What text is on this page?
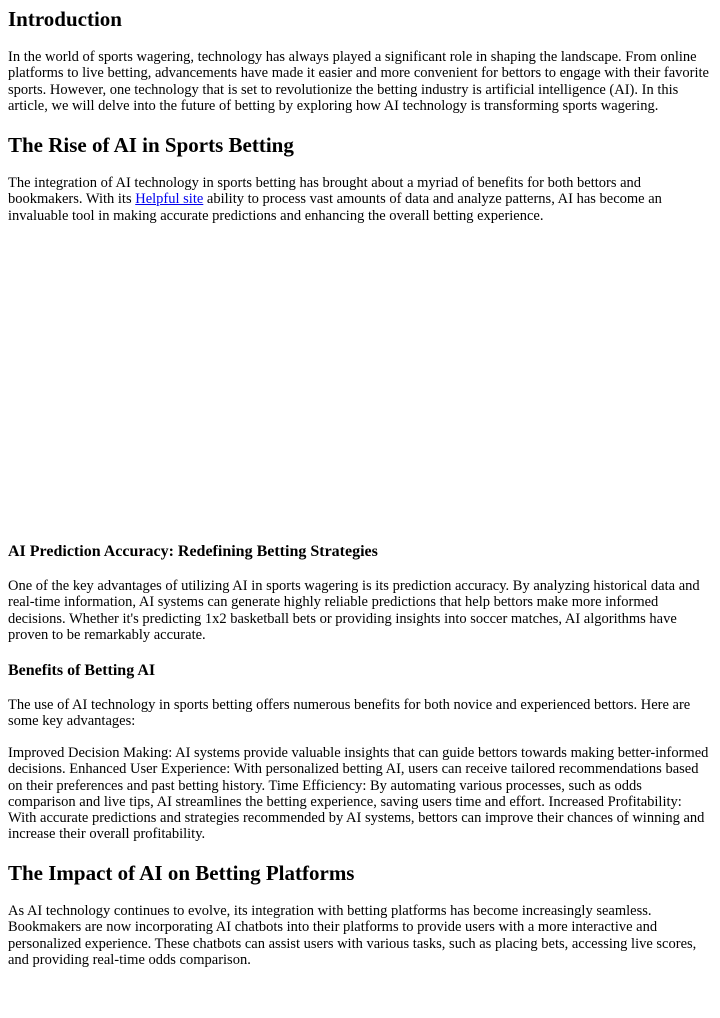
Introduction

In the world of sports wagering, technology has always played a significant role in shaping the landscape. From online platforms to live betting, advancements have made it easier and more convenient for bettors to engage with their favorite sports. However, one technology that is set to revolutionize the betting industry is artificial intelligence (AI). In this article, we will delve into the future of betting by exploring how AI technology is transforming sports wagering.

The Rise of AI in Sports Betting

The integration of AI technology in sports betting has brought about a myriad of benefits for both bettors and bookmakers. With its Helpful site ability to process vast amounts of data and analyze patterns, AI has become an invaluable tool in making accurate predictions and enhancing the overall betting experience.

AI Prediction Accuracy: Redefining Betting Strategies

One of the key advantages of utilizing AI in sports wagering is its prediction accuracy. By analyzing historical data and real-time information, AI systems can generate highly reliable predictions that help bettors make more informed decisions. Whether it's predicting 1x2 basketball bets or providing insights into soccer matches, AI algorithms have proven to be remarkably accurate.

Benefits of Betting AI

The use of AI technology in sports betting offers numerous benefits for both novice and experienced bettors. Here are some key advantages:

Improved Decision Making: AI systems provide valuable insights that can guide bettors towards making better-informed decisions. Enhanced User Experience: With personalized betting AI, users can receive tailored recommendations based on their preferences and past betting history. Time Efficiency: By automating various processes, such as odds comparison and live tips, AI streamlines the betting experience, saving users time and effort. Increased Profitability: With accurate predictions and strategies recommended by AI systems, bettors can improve their chances of winning and increase their overall profitability.

The Impact of AI on Betting Platforms

As AI technology continues to evolve, its integration with betting platforms has become increasingly seamless. Bookmakers are now incorporating AI chatbots into their platforms to provide users with a more interactive and personalized experience. These chatbots can assist users with various tasks, such as placing bets, accessing live scores, and providing real-time odds comparison.
